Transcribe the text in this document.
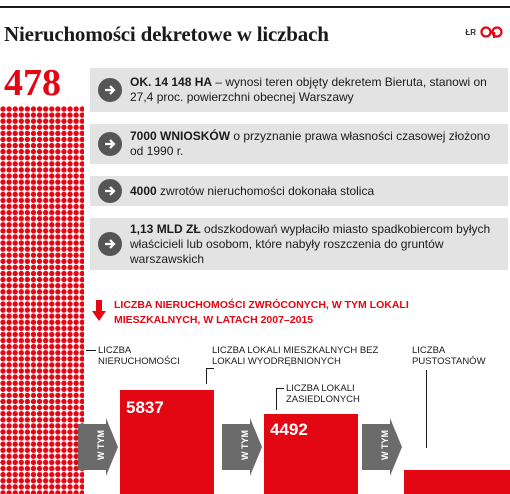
Nieruchomości dekretowe w liczbach	ŁR
478	OK. 14 148 HA – wynosi teren objęty dekretem Bieruta, stanowi on 27,4 proc. powierzchni obecnej Warszawy
7000 WNIOSKÓW o przyznanie prawa własności czasowej złożono od 1990 r.
4000 zwrotów nieruchomości dokonała stolica
1,13 MLD ZŁ odszkodowań wypłaciło miasto spadkobiercom byłych właścicieli lub osobom, które nabyły roszczenia do gruntów warszawskich
LICZBA NIERUCHOMOŚCI ZWRÓCONYCH, W TYM LOKALI MIESZKALNYCH, W LATACH 2007–2015
LICZBA NIERUCHOMOŚCI
LICZBA LOKALI MIESZKALNYCH BEZ LOKALI WYODRĘBNIONYCH
LICZBA LOKALI ZASIEDLONYCH
LICZBA PUSTOSTANÓW
5837
4492
1346
W TYM	W TYM	W TYM
